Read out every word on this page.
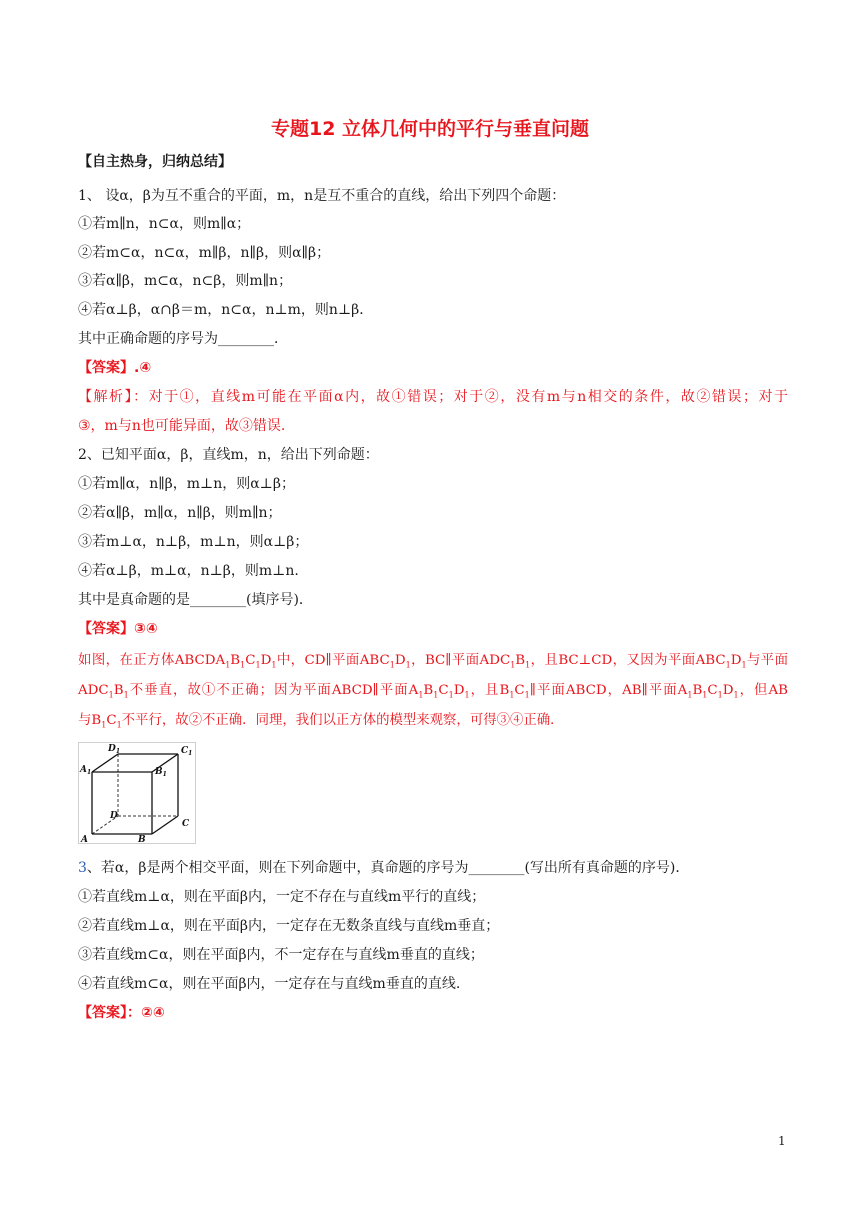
专题12 立体几何中的平行与垂直问题
【自主热身，归纳总结】
1、 设α，β为互不重合的平面，m，n是互不重合的直线，给出下列四个命题：
①若m∥n，n⊂α，则m∥α；
②若m⊂α，n⊂α，m∥β，n∥β，则α∥β；
③若α∥β，m⊂α，n⊂β，则m∥n；
④若α⊥β，α∩β＝m，n⊂α，n⊥m，则n⊥β．
其中正确命题的序号为________．
【答案】.④
【解析】：对于①，直线m可能在平面α内，故①错误；对于②，没有m与n相交的条件，故②错误；对于
③，m与n也可能异面，故③错误.
2、已知平面α，β，直线m，n，给出下列命题：
①若m∥α，n∥β，m⊥n，则α⊥β；
②若α∥β，m∥α，n∥β，则m∥n；
③若m⊥α，n⊥β，m⊥n，则α⊥β；
④若α⊥β，m⊥α，n⊥β，则m⊥n.
其中是真命题的是________(填序号)．
【答案】③④
如图，在正方体$ABCDA_1B_1C_1D_1$中，CD∥平面$ABC_1D_1$，BC∥平面$ADC_1B_1$，且BC⊥CD，又因为平面$ABC_1D_1$与平面
$ADC_1B_1$不垂直，故①不正确；因为平面ABCD∥平面$A_1B_1C_1D_1$，且$B_1C_1\parallel$平面ABCD，AB∥平面$A_1B_1C_1D_1$，但AB
与$B_1C_1$不平行，故②不正确．同理，我们以正方体的模型来观察，可得③④正确．
$D_1$	$C_1$
$A_1$	$B_1$
D
C
A	B
3、若α，β是两个相交平面，则在下列命题中，真命题的序号为________(写出所有真命题的序号)．
①若直线m⊥α，则在平面β内，一定不存在与直线m平行的直线；
②若直线m⊥α，则在平面β内，一定存在无数条直线与直线m垂直；
③若直线m⊂α，则在平面β内，不一定存在与直线m垂直的直线；
④若直线m⊂α，则在平面β内，一定存在与直线m垂直的直线.
【答案】：②④
1
